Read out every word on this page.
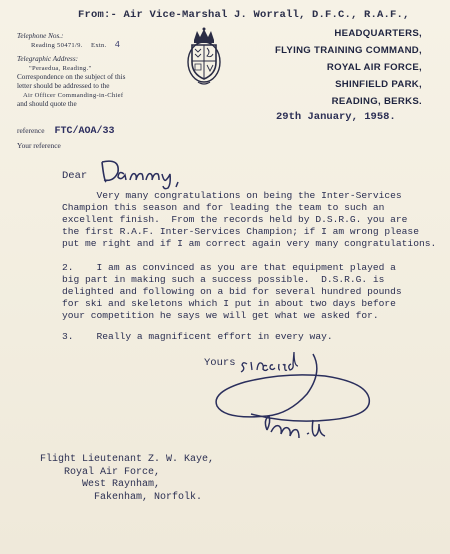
From:- Air Vice-Marshal J. Worrall, D.F.C., R.A.F.,
HEADQUARTERS,
FLYING TRAINING COMMAND,
ROYAL AIR FORCE,
SHINFIELD PARK,
READING, BERKS.
Telephone Nos.:
Reading 50471/9. Extn. 4
Telegraphic Address:
"Peraedua, Reading."
Correspondence on the subject of this
letter should be addressed to the
Air Officer Commanding-in-Chief
and should quote the
reference FTC/AOA/33
Your reference
29th January, 1958.
Dear
Very many congratulations on being the Inter-Services
Champion this season and for leading the team to such an
excellent finish.  From the records held by D.S.R.G. you are
the first R.A.F. Inter-Services Champion; if I am wrong please
put me right and if I am correct again very many congratulations.
2.    I am as convinced as you are that equipment played a
big part in making such a success possible.  D.S.R.G. is
delighted and following on a bid for several hundred pounds
for ski and skeletons which I put in about two days before
your competition he says we will get what we asked for.
3.    Really a magnificent effort in every way.
Yours
Flight Lieutenant Z. W. Kaye,
Royal Air Force,
West Raynham,
Fakenham, Norfolk.
